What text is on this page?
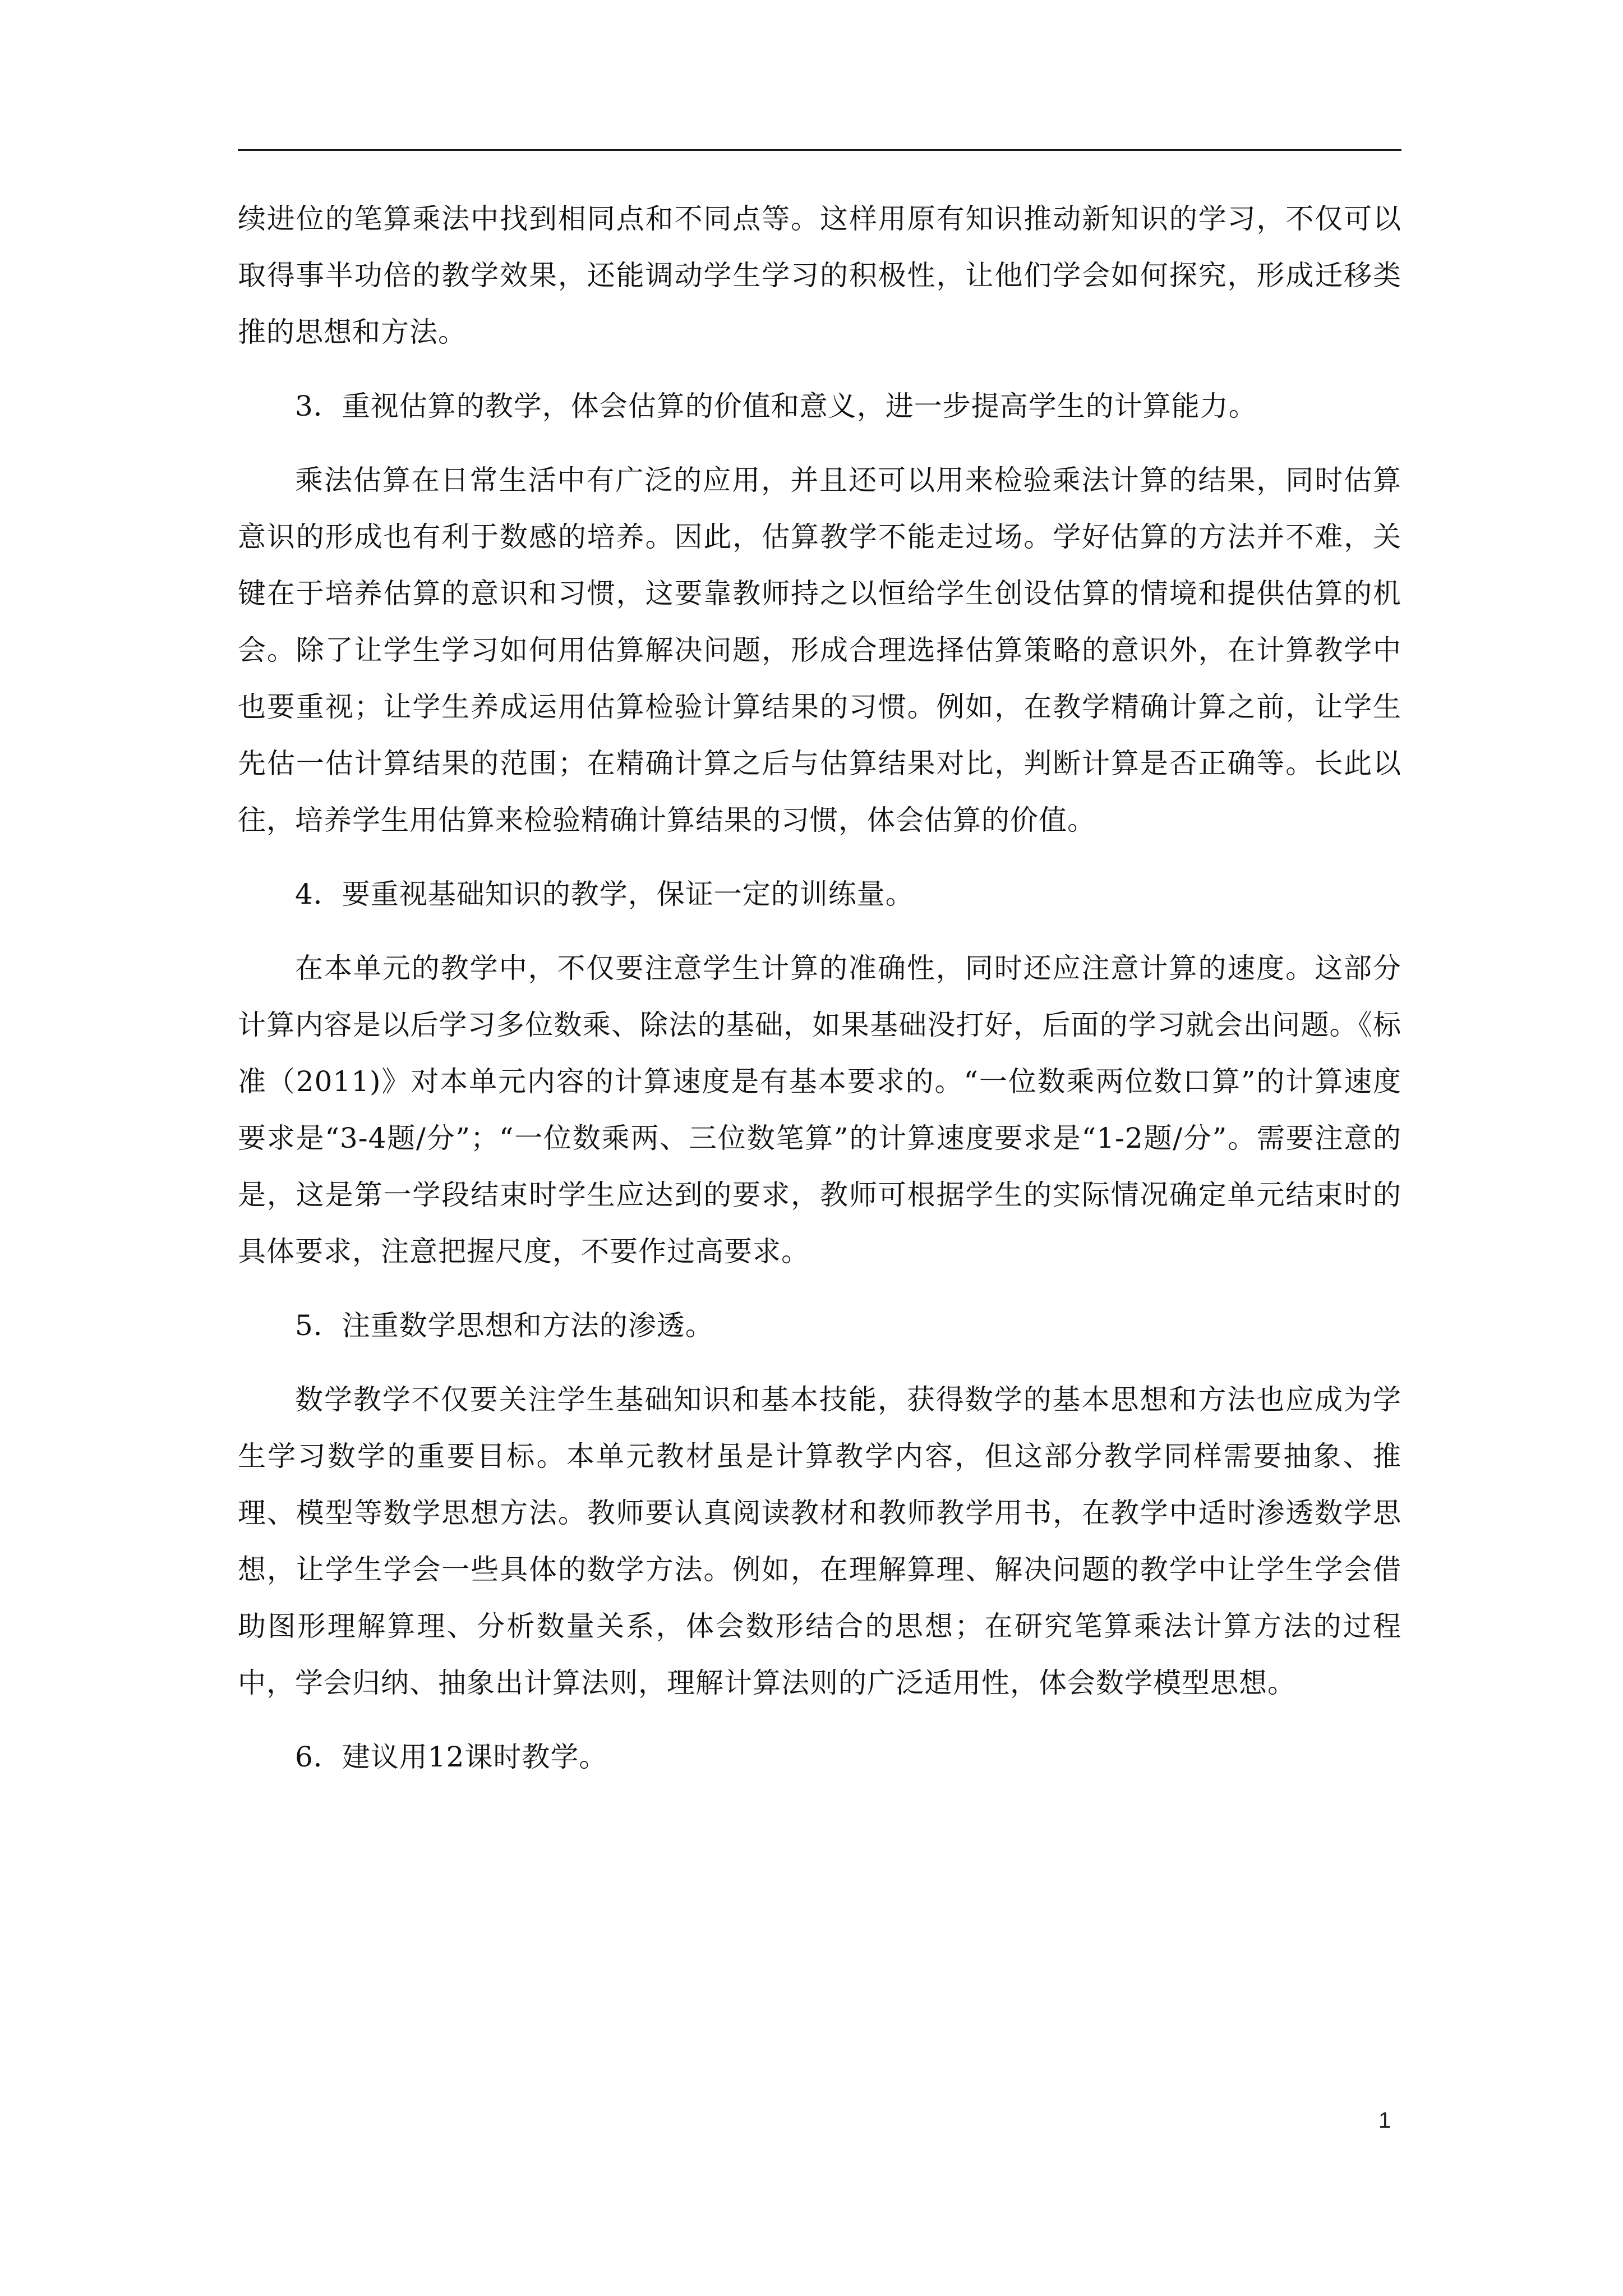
续进位的笔算乘法中找到相同点和不同点等。这样用原有知识推动新知识的学习，不仅可以取得事半功倍的教学效果，还能调动学生学习的积极性，让他们学会如何探究，形成迁移类推的思想和方法。

3．重视估算的教学，体会估算的价值和意义，进一步提高学生的计算能力。

乘法估算在日常生活中有广泛的应用，并且还可以用来检验乘法计算的结果，同时估算意识的形成也有利于数感的培养。因此，估算教学不能走过场。学好估算的方法并不难，关键在于培养估算的意识和习惯，这要靠教师持之以恒给学生创设估算的情境和提供估算的机会。除了让学生学习如何用估算解决问题，形成合理选择估算策略的意识外，在计算教学中也要重视；让学生养成运用估算检验计算结果的习惯。例如，在教学精确计算之前，让学生先估一估计算结果的范围；在精确计算之后与估算结果对比，判断计算是否正确等。长此以往，培养学生用估算来检验精确计算结果的习惯，体会估算的价值。

4．要重视基础知识的教学，保证一定的训练量。

在本单元的教学中，不仅要注意学生计算的准确性，同时还应注意计算的速度。这部分计算内容是以后学习多位数乘、除法的基础，如果基础没打好，后面的学习就会出问题。《标准（2011)》对本单元内容的计算速度是有基本要求的。“一位数乘两位数口算”的计算速度要求是“3-4题/分”；“一位数乘两、三位数笔算”的计算速度要求是“1-2题/分”。需要注意的是，这是第一学段结束时学生应达到的要求，教师可根据学生的实际情况确定单元结束时的具体要求，注意把握尺度，不要作过高要求。

5．注重数学思想和方法的渗透。

数学教学不仅要关注学生基础知识和基本技能，获得数学的基本思想和方法也应成为学生学习数学的重要目标。本单元教材虽是计算教学内容，但这部分教学同样需要抽象、推理、模型等数学思想方法。教师要认真阅读教材和教师教学用书，在教学中适时渗透数学思想，让学生学会一些具体的数学方法。例如，在理解算理、解决问题的教学中让学生学会借助图形理解算理、分析数量关系，体会数形结合的思想；在研究笔算乘法计算方法的过程中，学会归纳、抽象出计算法则，理解计算法则的广泛适用性，体会数学模型思想。

6．建议用12课时教学。

1
